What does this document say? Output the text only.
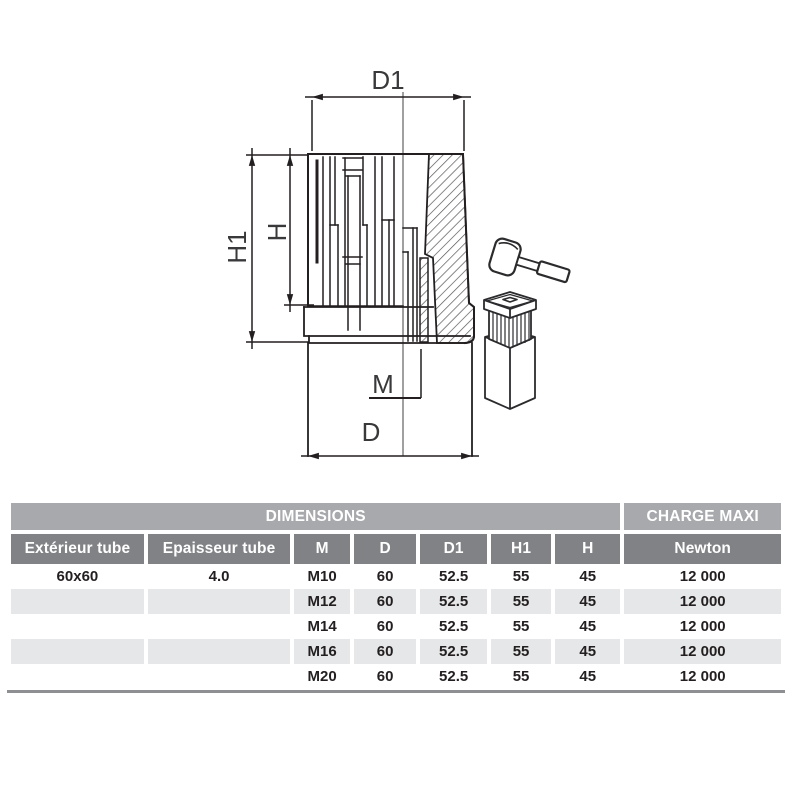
D1
H1 H
M
D
DIMENSIONS							CHARGE MAXI
Extérieur tube	Epaisseur tube	M	D	D1	H1	H	Newton
60x60	4.0	M10	60	52.5	55	45	12 000
		M12	60	52.5	55	45	12 000
		M14	60	52.5	55	45	12 000
		M16	60	52.5	55	45	12 000
		M20	60	52.5	55	45	12 000
